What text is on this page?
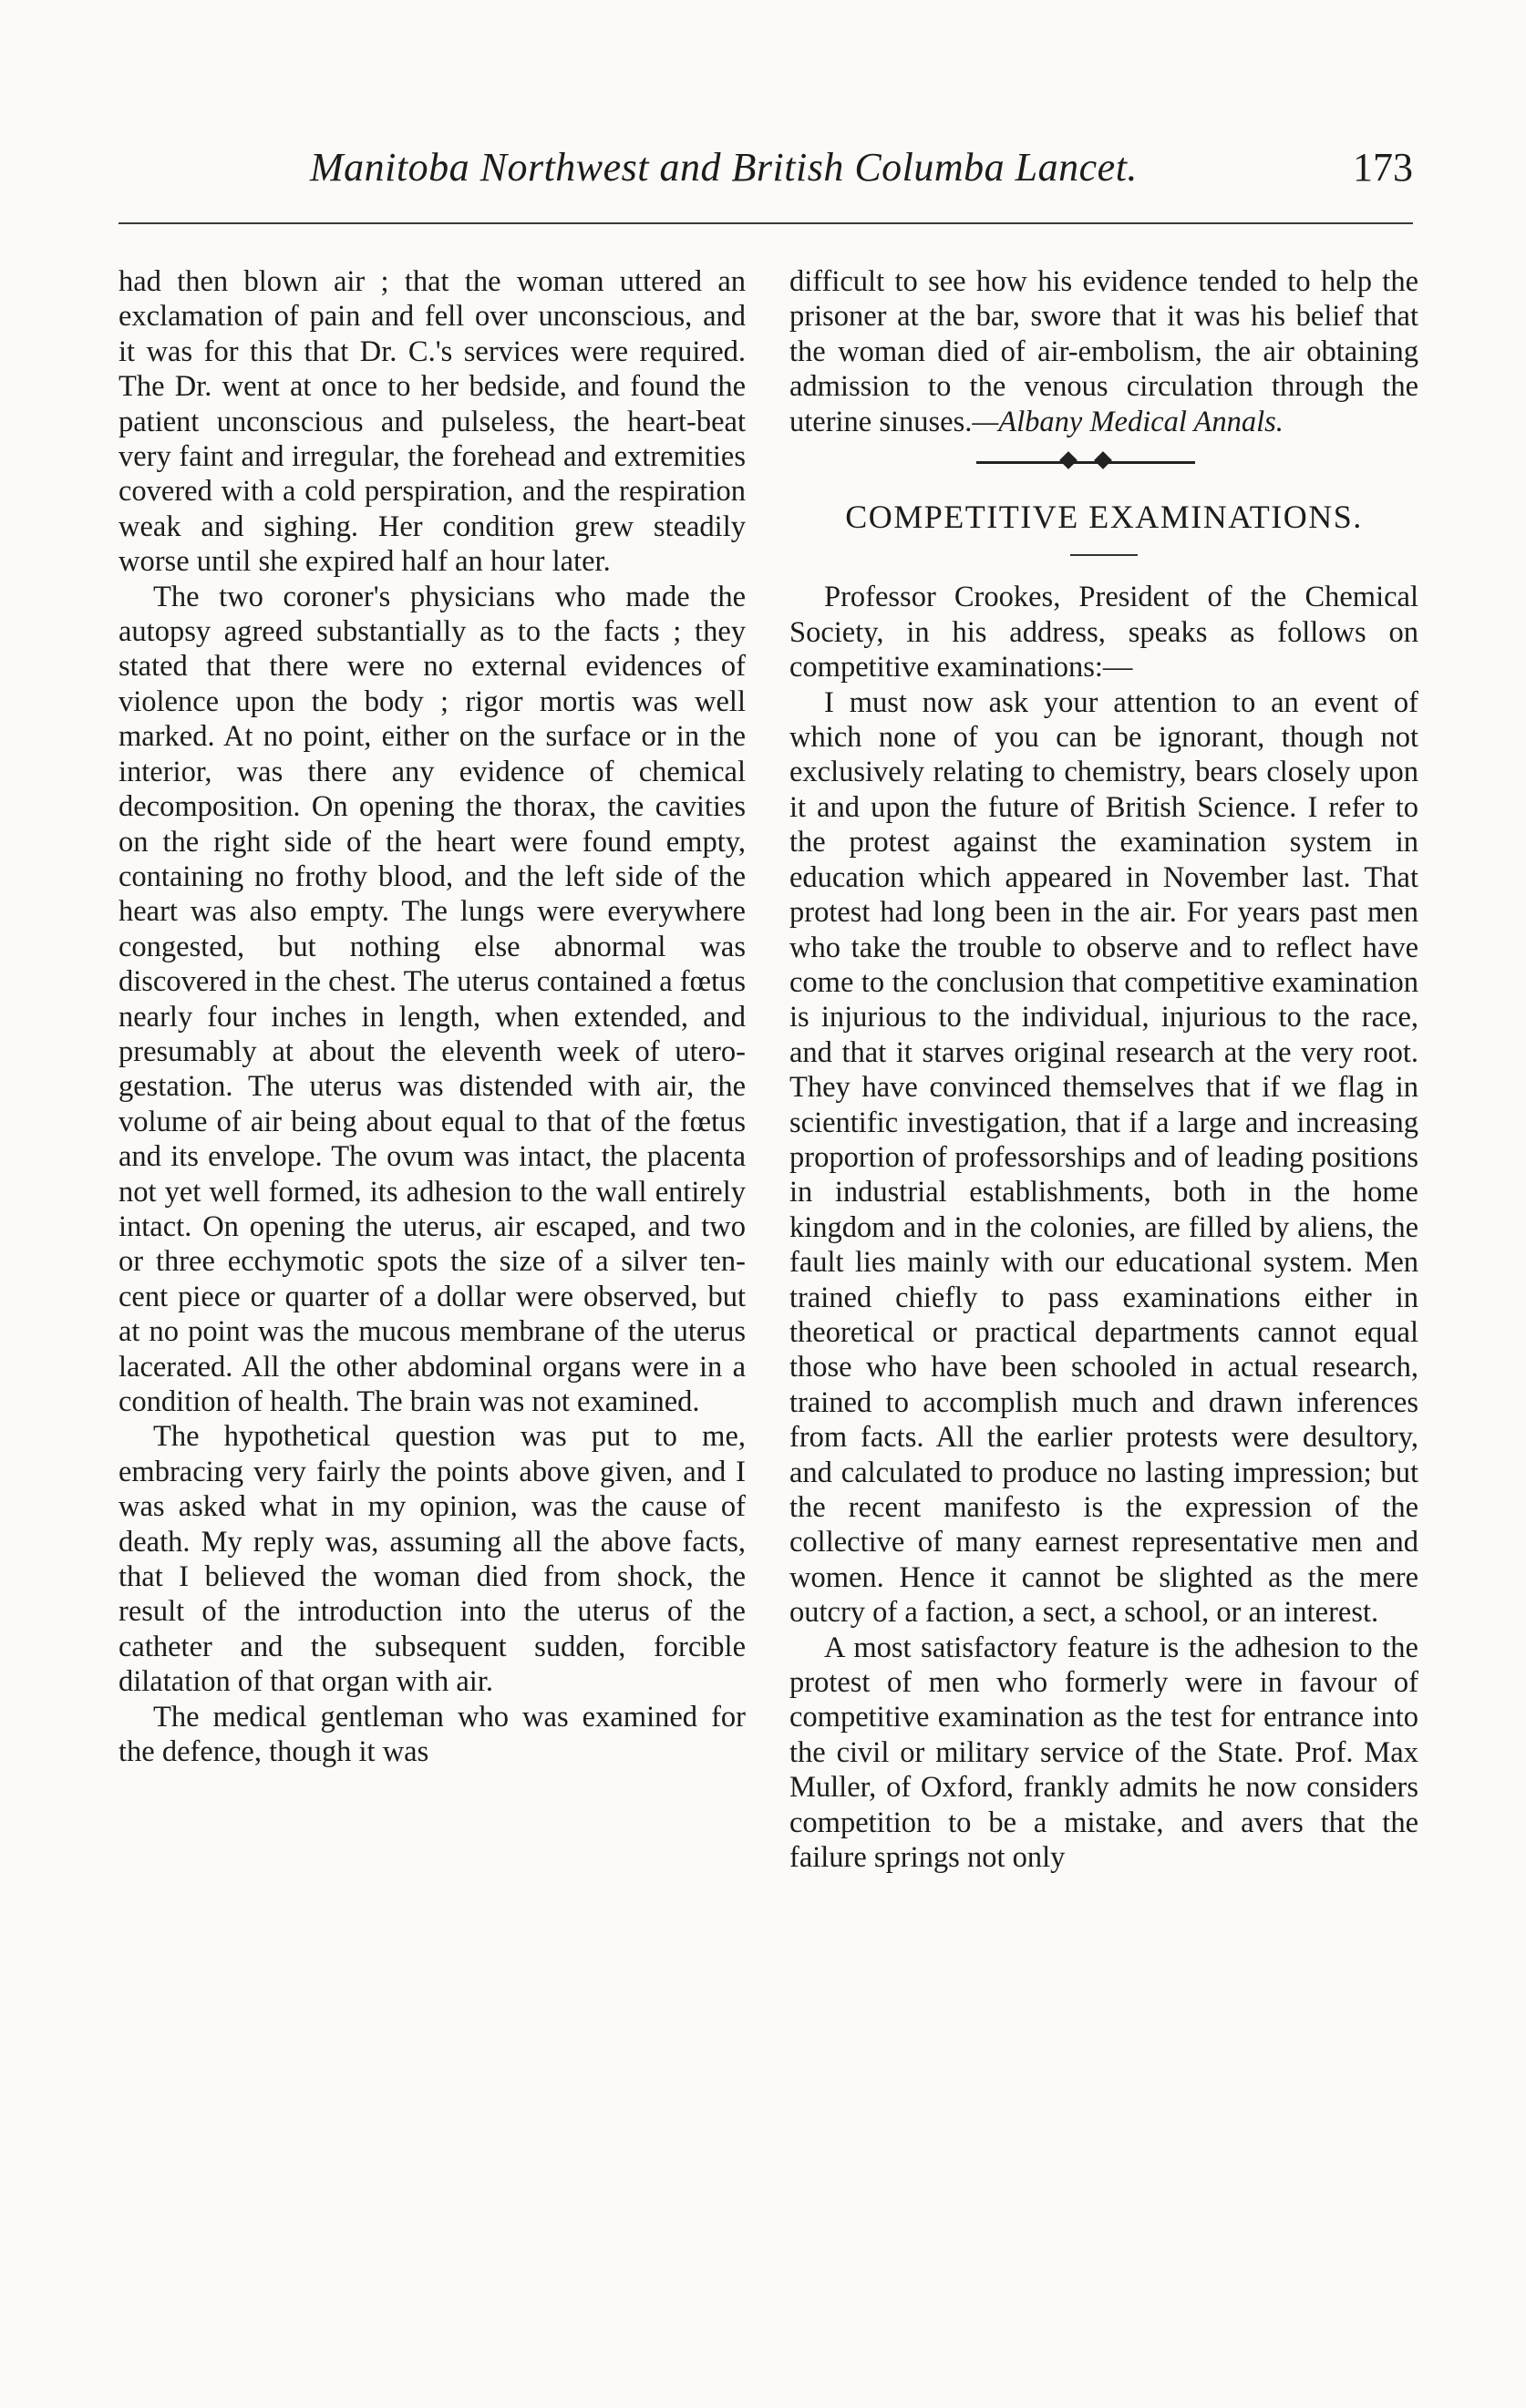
Manitoba Northwest and British Columba Lancet.	173

had then blown air ; that the woman uttered an exclamation of pain and fell over unconscious, and it was for this that Dr. C.'s services were required. The Dr. went at once to her bedside, and found the patient unconscious and pulseless, the heart-beat very faint and irregular, the forehead and extremities covered with a cold perspiration, and the respiration weak and sighing. Her condition grew steadily worse until she expired half an hour later.

The two coroner's physicians who made the autopsy agreed substantially as to the facts ; they stated that there were no external evidences of violence upon the body ; rigor mortis was well marked. At no point, either on the surface or in the interior, was there any evidence of chemical decomposition. On opening the thorax, the cavities on the right side of the heart were found empty, containing no frothy blood, and the left side of the heart was also empty. The lungs were everywhere congested, but nothing else abnormal was discovered in the chest. The uterus contained a fœtus nearly four inches in length, when extended, and presumably at about the eleventh week of utero-gestation. The uterus was distended with air, the volume of air being about equal to that of the fœtus and its envelope. The ovum was intact, the placenta not yet well formed, its adhesion to the wall entirely intact. On opening the uterus, air escaped, and two or three ecchymotic spots the size of a silver ten-cent piece or quarter of a dollar were observed, but at no point was the mucous membrane of the uterus lacerated. All the other abdominal organs were in a condition of health. The brain was not examined.

The hypothetical question was put to me, embracing very fairly the points above given, and I was asked what in my opinion, was the cause of death. My reply was, assuming all the above facts, that I believed the woman died from shock, the result of the introduction into the uterus of the catheter and the subsequent sudden, forcible dilatation of that organ with air.

The medical gentleman who was examined for the defence, though it was

difficult to see how his evidence tended to help the prisoner at the bar, swore that it was his belief that the woman died of air-embolism, the air obtaining admission to the venous circulation through the uterine sinuses.—Albany Medical Annals.

COMPETITIVE EXAMINATIONS.

Professor Crookes, President of the Chemical Society, in his address, speaks as follows on competitive examinations:—

I must now ask your attention to an event of which none of you can be ignorant, though not exclusively relating to chemistry, bears closely upon it and upon the future of British Science. I refer to the protest against the examination system in education which appeared in November last. That protest had long been in the air. For years past men who take the trouble to observe and to reflect have come to the conclusion that competitive examination is injurious to the individual, injurious to the race, and that it starves original research at the very root. They have convinced themselves that if we flag in scientific investigation, that if a large and increasing proportion of professorships and of leading positions in industrial establishments, both in the home kingdom and in the colonies, are filled by aliens, the fault lies mainly with our educational system. Men trained chiefly to pass examinations either in theoretical or practical departments cannot equal those who have been schooled in actual research, trained to accomplish much and drawn inferences from facts. All the earlier protests were desultory, and calculated to produce no lasting impression; but the recent manifesto is the expression of the collective of many earnest representative men and women. Hence it cannot be slighted as the mere outcry of a faction, a sect, a school, or an interest.

A most satisfactory feature is the adhesion to the protest of men who formerly were in favour of competitive examination as the test for entrance into the civil or military service of the State. Prof. Max Muller, of Oxford, frankly admits he now considers competition to be a mistake, and avers that the failure springs not only
